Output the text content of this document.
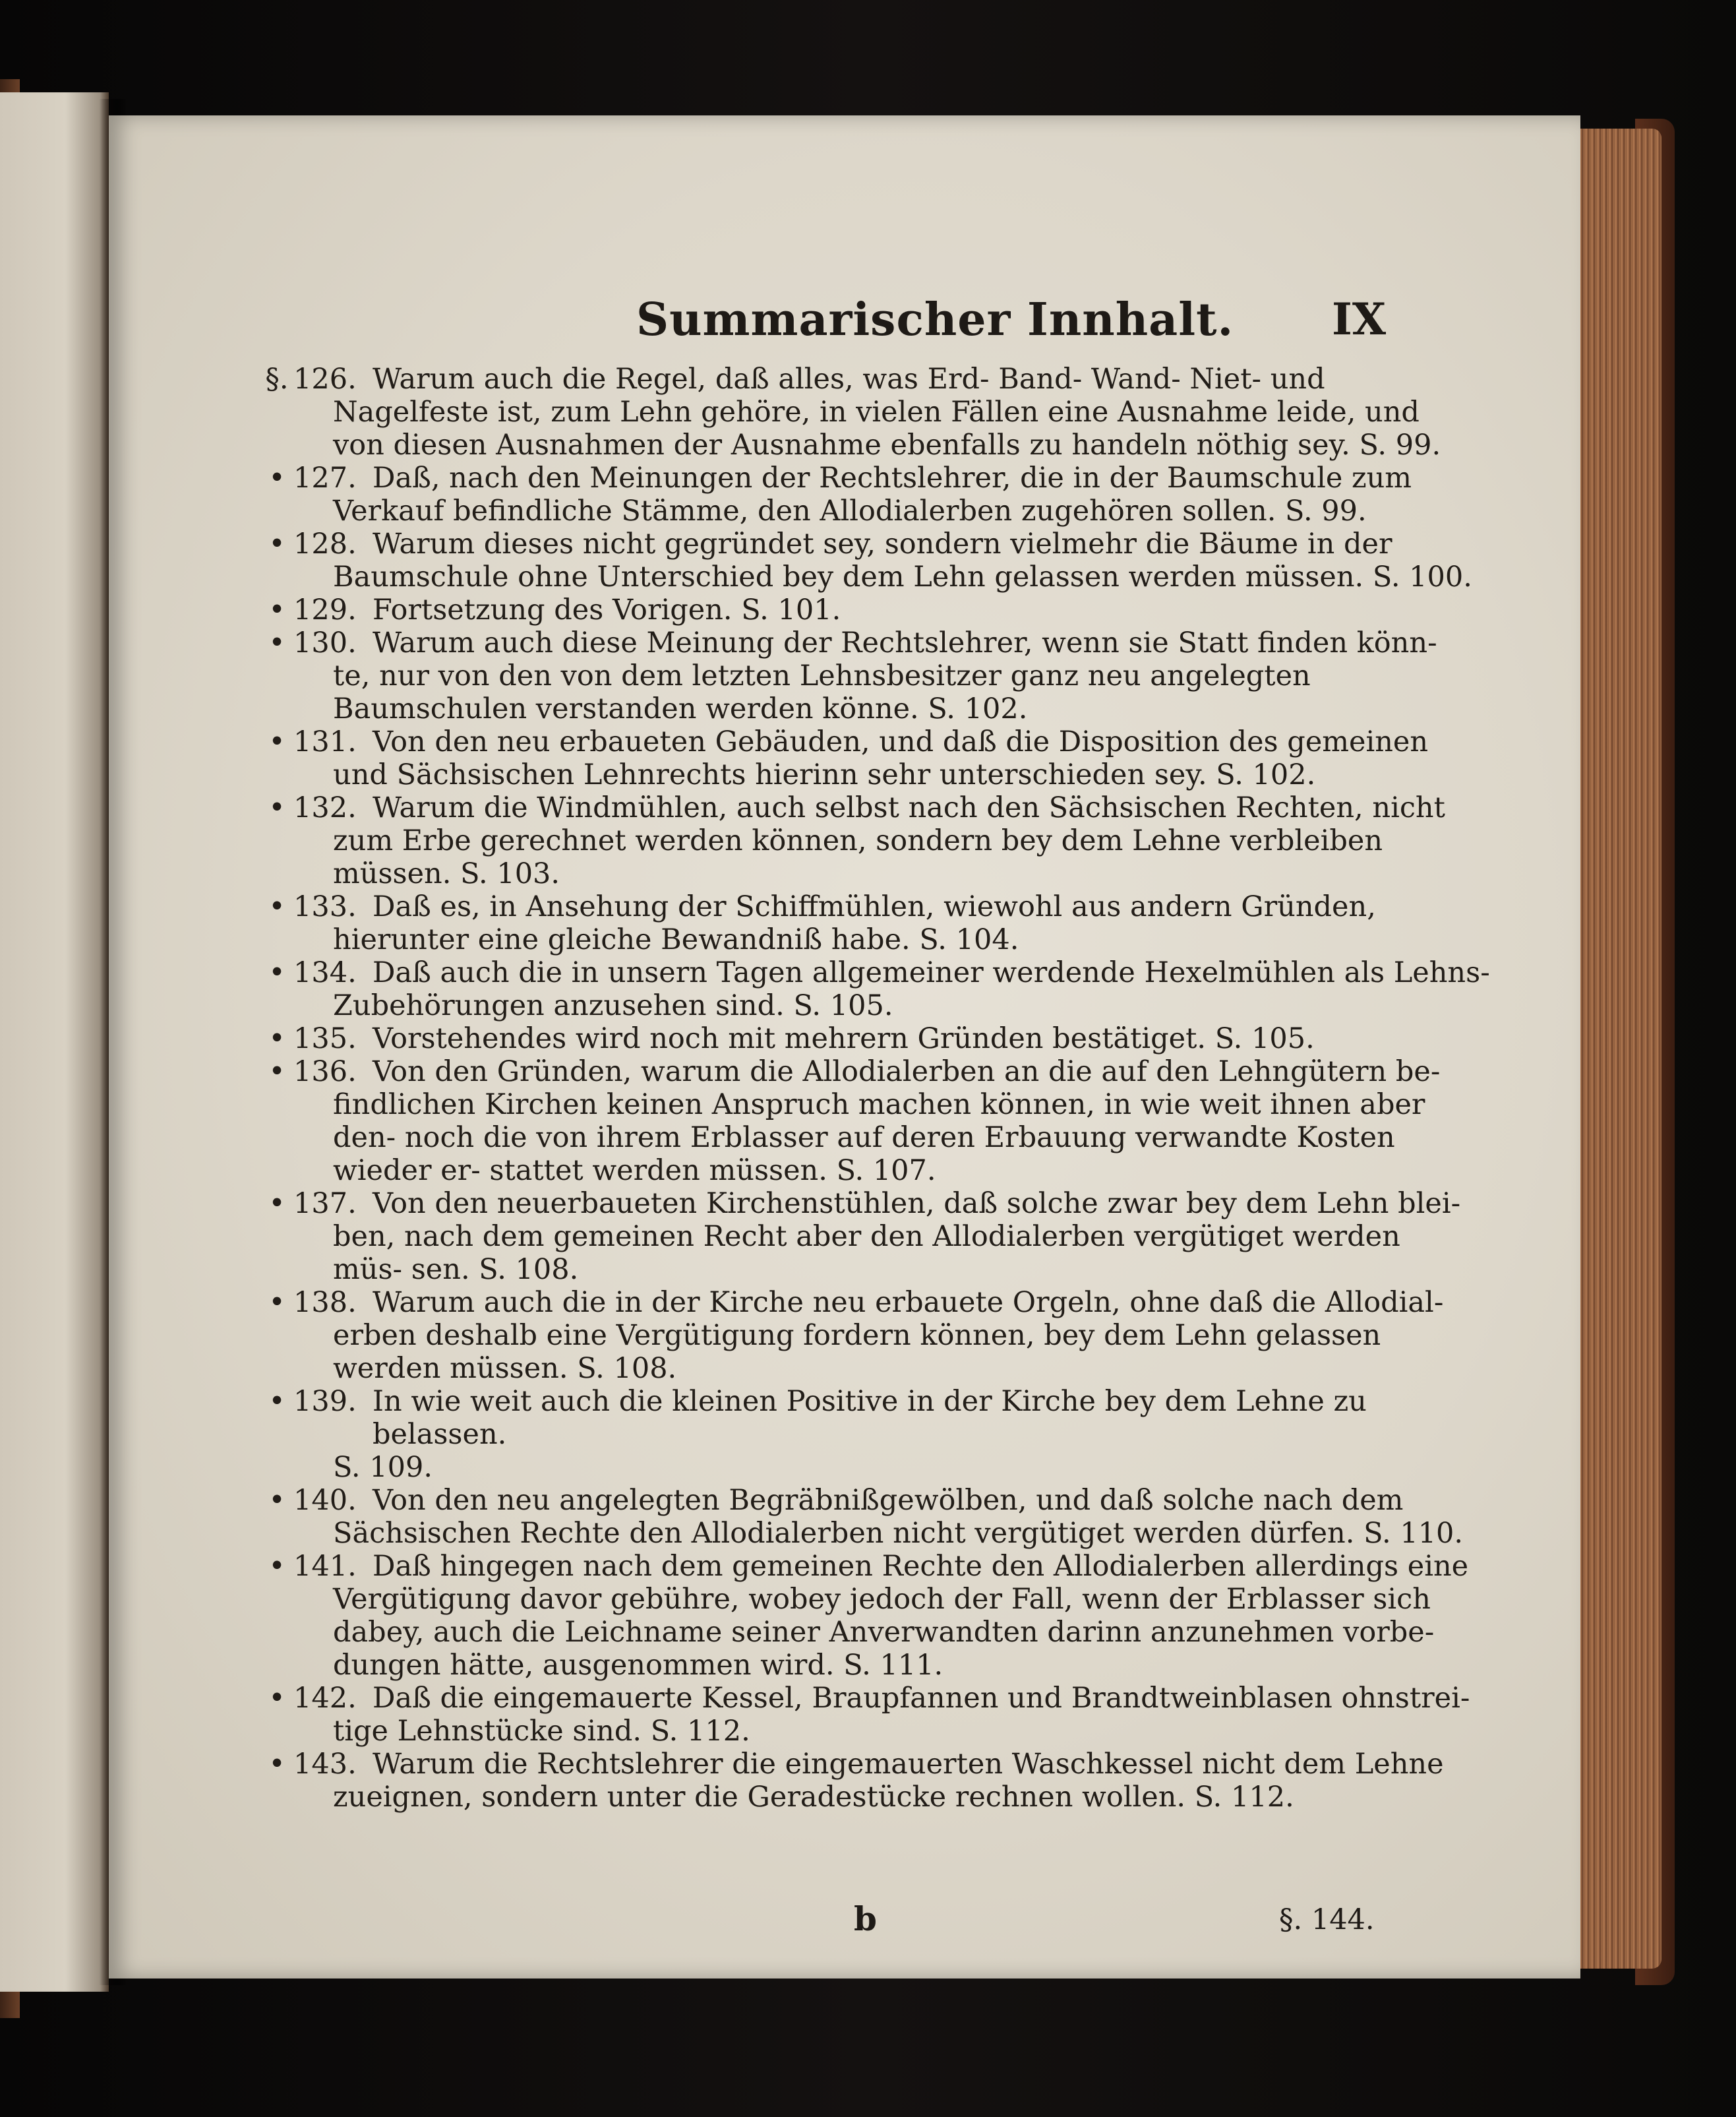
Summarischer Innhalt. IX
§. 126. Warum auch die Regel, daß alles, was Erd- Band- Wand- Niet- und
Nagelfeste ist, zum Lehn gehöre, in vielen Fällen eine Ausnahme leide, und von diesen Ausnahmen der Ausnahme ebenfalls zu handeln nöthig sey. S. 99.
• 127. Daß, nach den Meinungen der Rechtslehrer, die in der Baumschule zum
Verkauf befindliche Stämme, den Allodialerben zugehören sollen. S. 99.
• 128. Warum dieses nicht gegründet sey, sondern vielmehr die Bäume in der
Baumschule ohne Unterschied bey dem Lehn gelassen werden müssen. S. 100.
• 129. Fortsetzung des Vorigen. S. 101.
• 130. Warum auch diese Meinung der Rechtslehrer, wenn sie Statt finden könn-
te, nur von den von dem letzten Lehnsbesitzer ganz neu angelegten Baumschulen verstanden werden könne. S. 102.
• 131. Von den neu erbaueten Gebäuden, und daß die Disposition des gemeinen
und Sächsischen Lehnrechts hierinn sehr unterschieden sey. S. 102.
• 132. Warum die Windmühlen, auch selbst nach den Sächsischen Rechten, nicht
zum Erbe gerechnet werden können, sondern bey dem Lehne verbleiben müssen. S. 103.
• 133. Daß es, in Ansehung der Schiffmühlen, wiewohl aus andern Gründen,
hierunter eine gleiche Bewandniß habe. S. 104.
• 134. Daß auch die in unsern Tagen allgemeiner werdende Hexelmühlen als Lehns-
Zubehörungen anzusehen sind. S. 105.
• 135. Vorstehendes wird noch mit mehrern Gründen bestätiget. S. 105.
• 136. Von den Gründen, warum die Allodialerben an die auf den Lehngütern be-
findlichen Kirchen keinen Anspruch machen können, in wie weit ihnen aber den- noch die von ihrem Erblasser auf deren Erbauung verwandte Kosten wieder er- stattet werden müssen. S. 107.
• 137. Von den neuerbaueten Kirchenstühlen, daß solche zwar bey dem Lehn blei-
ben, nach dem gemeinen Recht aber den Allodialerben vergütiget werden müs- sen. S. 108.
• 138. Warum auch die in der Kirche neu erbauete Orgeln, ohne daß die Allodial-
erben deshalb eine Vergütigung fordern können, bey dem Lehn gelassen werden müssen. S. 108.
• 139. In wie weit auch die kleinen Positive in der Kirche bey dem Lehne zu belassen.
S. 109.
• 140. Von den neu angelegten Begräbnißgewölben, und daß solche nach dem
Sächsischen Rechte den Allodialerben nicht vergütiget werden dürfen. S. 110.
• 141. Daß hingegen nach dem gemeinen Rechte den Allodialerben allerdings eine
Vergütigung davor gebühre, wobey jedoch der Fall, wenn der Erblasser sich dabey, auch die Leichname seiner Anverwandten darinn anzunehmen vorbe- dungen hätte, ausgenommen wird. S. 111.
• 142. Daß die eingemauerte Kessel, Braupfannen und Brandtweinblasen ohnstrei-
tige Lehnstücke sind. S. 112.
• 143. Warum die Rechtslehrer die eingemauerten Waschkessel nicht dem Lehne
zueignen, sondern unter die Geradestücke rechnen wollen. S. 112.
b	§. 144.
